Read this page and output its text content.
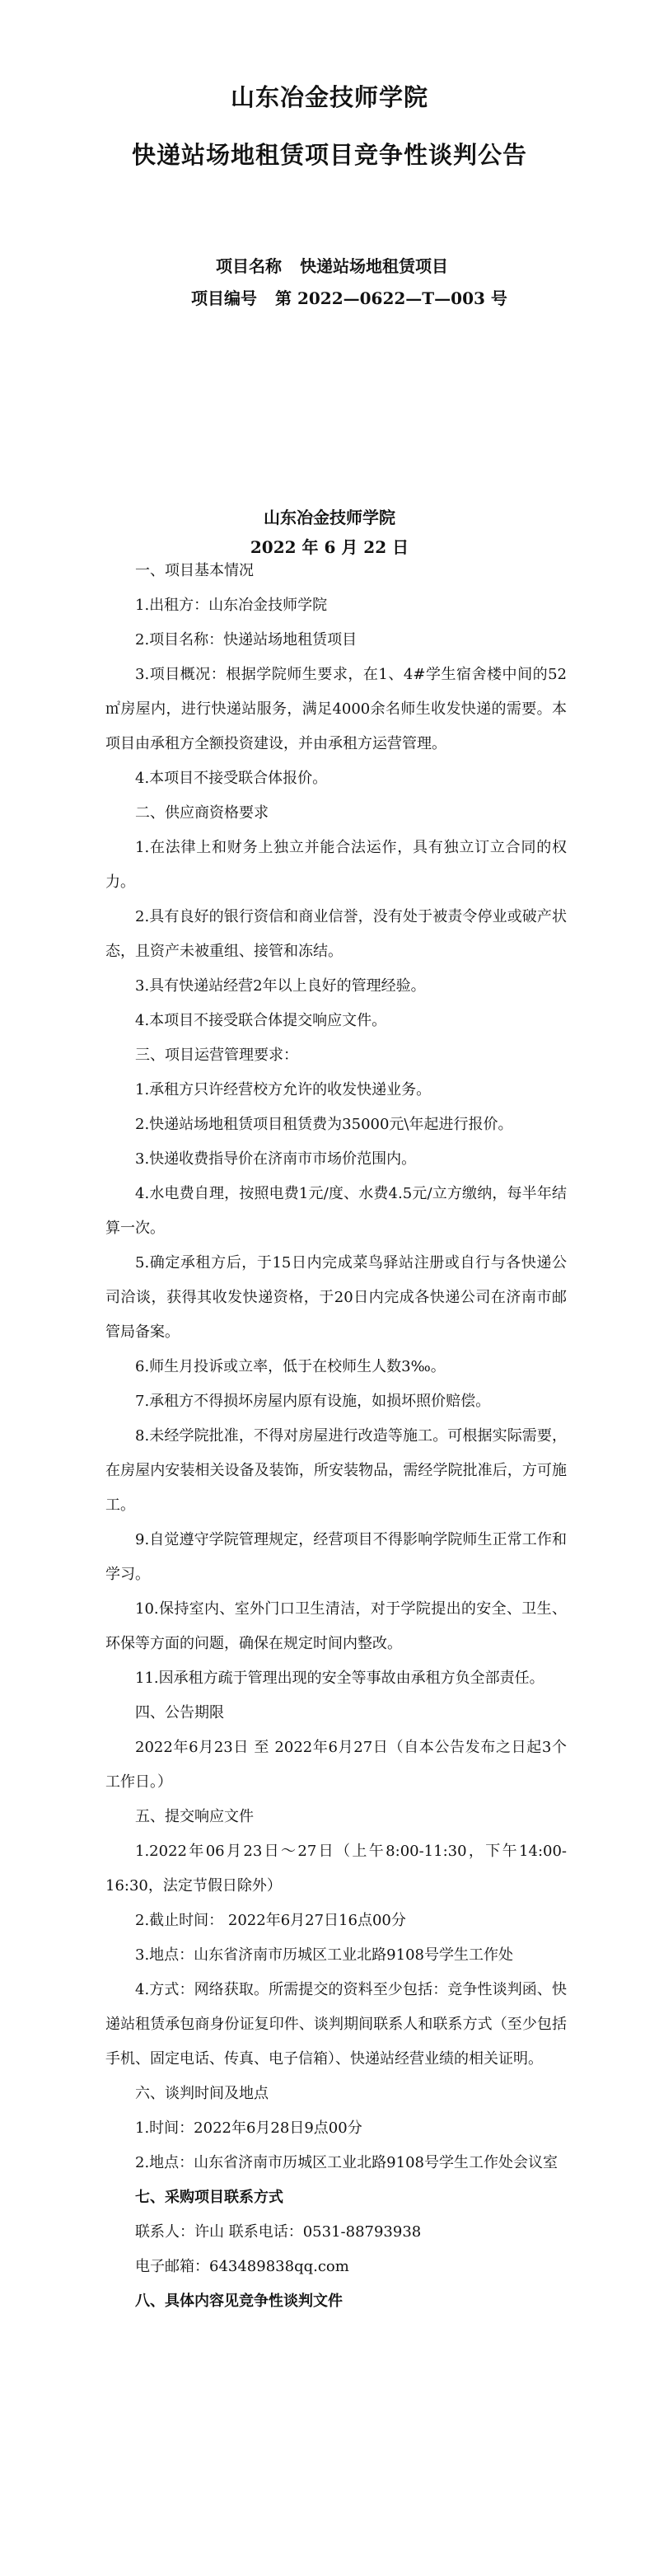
山东冶金技师学院
快递站场地租赁项目竞争性谈判公告
项目名称 快递站场地租赁项目
项目编号 第 2022—0622—T—003 号
山东冶金技师学院
2022 年 6 月 22 日

一、项目基本情况

1.出租方：山东冶金技师学院

2.项目名称：快递站场地租赁项目

3.项目概况：根据学院师生要求，在1、4#学生宿舍楼中间的52㎡房屋内，进行快递站服务，满足4000余名师生收发快递的需要。本项目由承租方全额投资建设，并由承租方运营管理。

4.本项目不接受联合体报价。

二、供应商资格要求

1.在法律上和财务上独立并能合法运作，具有独立订立合同的权力。

2.具有良好的银行资信和商业信誉，没有处于被责令停业或破产状态，且资产未被重组、接管和冻结。

3.具有快递站经营2年以上良好的管理经验。

4.本项目不接受联合体提交响应文件。

三、项目运营管理要求：

1.承租方只许经营校方允许的收发快递业务。

2.快递站场地租赁项目租赁费为35000元\年起进行报价。

3.快递收费指导价在济南市市场价范围内。

4.水电费自理，按照电费1元/度、水费4.5元/立方缴纳，每半年结算一次。

5.确定承租方后，于15日内完成菜鸟驿站注册或自行与各快递公司洽谈，获得其收发快递资格，于20日内完成各快递公司在济南市邮管局备案。

6.师生月投诉或立率，低于在校师生人数3‰。

7.承租方不得损坏房屋内原有设施，如损坏照价赔偿。

8.未经学院批准，不得对房屋进行改造等施工。可根据实际需要，在房屋内安装相关设备及装饰，所安装物品，需经学院批准后，方可施工。

9.自觉遵守学院管理规定，经营项目不得影响学院师生正常工作和学习。

10.保持室内、室外门口卫生清洁，对于学院提出的安全、卫生、环保等方面的问题，确保在规定时间内整改。

11.因承租方疏于管理出现的安全等事故由承租方负全部责任。

四、公告期限

2022年6月23日 至 2022年6月27日（自本公告发布之日起3个工作日。）

五、提交响应文件

1.2022年06月23日～27日（上午8:00-11:30，下午14:00-16:30，法定节假日除外）

2.截止时间： 2022年6月27日16点00分

3.地点：山东省济南市历城区工业北路9108号学生工作处

4.方式：网络获取。所需提交的资料至少包括：竞争性谈判函、快递站租赁承包商身份证复印件、谈判期间联系人和联系方式（至少包括手机、固定电话、传真、电子信箱）、快递站经营业绩的相关证明。

六、谈判时间及地点

1.时间：2022年6月28日9点00分

2.地点：山东省济南市历城区工业北路9108号学生工作处会议室

七、采购项目联系方式

联系人：许山 联系电话：0531-88793938

电子邮箱：643489838qq.com

八、具体内容见竞争性谈判文件
